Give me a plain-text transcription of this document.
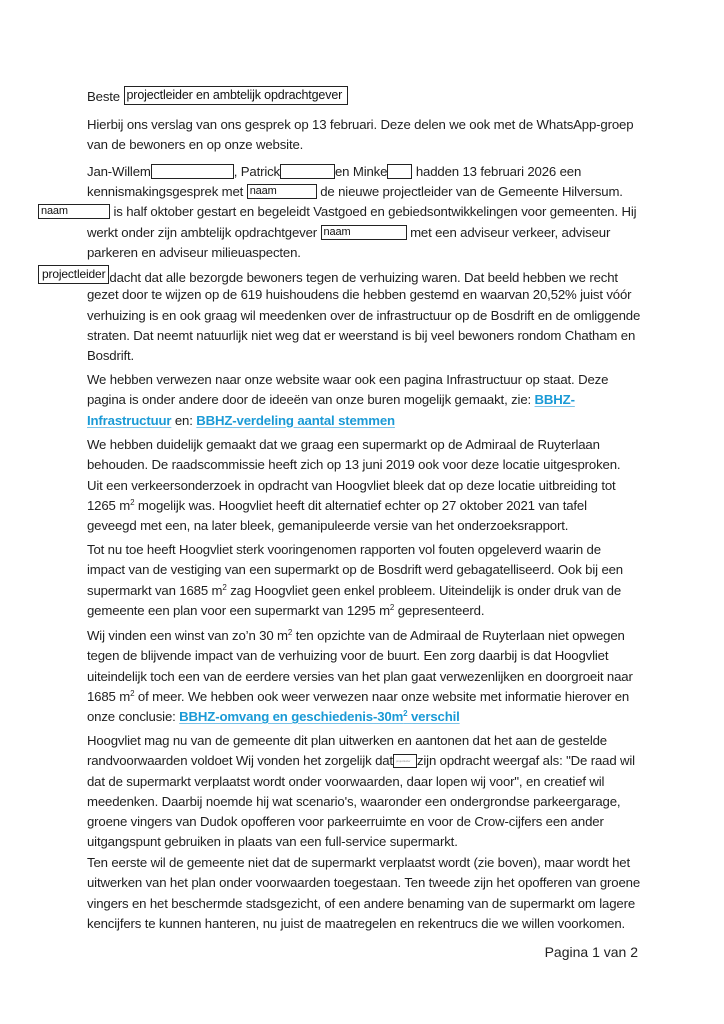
Beste projectleider en ambtelijk opdrachtgever
Hierbij ons verslag van ons gesprek op 13 februari. Deze delen we ook met de WhatsApp-groep
van de bewoners en op onze website.
Jan-Willem	, Patrick	en Minke hadden 13 februari 2026 een
kennismakingsgesprek met naam	de nieuwe projectleider van de Gemeente Hilversum.

werkt onder zijn ambtelijk opdrachtgever naam	met een adviseur verkeer, adviseur
parkeren en adviseur milieuaspecten.
naam	is half oktober gestart en begeleidt Vastgoed en gebiedsontwikkelingen voor gemeenten. Hij

gezet door te wijzen op de 619 huishoudens die hebben gestemd en waarvan 20,52% juist vóór
verhuizing is en ook graag wil meedenken over de infrastructuur op de Bosdrift en de omliggende
straten. Dat neemt natuurlijk niet weg dat er weerstand is bij veel bewoners rondom Chatham en
Bosdrift.
projectleider dacht dat alle bezorgde bewoners tegen de verhuizing waren. Dat beeld hebben we recht
We hebben verwezen naar onze website waar ook een pagina Infrastructuur op staat. Deze
pagina is onder andere door de ideeën van onze buren mogelijk gemaakt, zie: BBHZ-
Infrastructuur en: BBHZ-verdeling aantal stemmen
We hebben duidelijk gemaakt dat we graag een supermarkt op de Admiraal de Ruyterlaan
behouden. De raadscommissie heeft zich op 13 juni 2019 ook voor deze locatie uitgesproken.
Uit een verkeersonderzoek in opdracht van Hoogvliet bleek dat op deze locatie uitbreiding tot
1265 $m^2$ mogelijk was. Hoogvliet heeft dit alternatief echter op 27 oktober 2021 van tafel
geveegd met een, na later bleek, gemanipuleerde versie van het onderzoeksrapport.
Tot nu toe heeft Hoogvliet sterk vooringenomen rapporten vol fouten opgeleverd waarin de
impact van de vestiging van een supermarkt op de Bosdrift werd gebagatelliseerd. Ook bij een
supermarkt van 1685 $m^2$ zag Hoogvliet geen enkel probleem. Uiteindelijk is onder druk van de
gemeente een plan voor een supermarkt van 1295 $m^2$ gepresenteerd.
Wij vinden een winst van zo’n 30 $m^2$ ten opzichte van de Admiraal de Ruyterlaan niet opwegen
tegen de blijvende impact van de verhuizing voor de buurt. Een zorg daarbij is dat Hoogvliet
uiteindelijk toch een van de eerdere versies van het plan gaat verwezenlijken en doorgroeit naar
1685 $m^2$ of meer. We hebben ook weer verwezen naar onze website met informatie hierover en
onze conclusie: BBHZ-omvang en geschiedenis-$30m^2$ verschil
Hoogvliet mag nu van de gemeente dit plan uitwerken en aantonen dat het aan de gestelde
randvoorwaarden voldoet Wij vonden het zorgelijk dat projectleider zijn opdracht weergaf als: "De raad wil
dat de supermarkt verplaatst wordt onder voorwaarden, daar lopen wij voor", en creatief wil
meedenken. Daarbij noemde hij wat scenario's, waaronder een ondergrondse parkeergarage,
groene vingers van Dudok opofferen voor parkeerruimte en voor de Crow-cijfers een ander
uitgangspunt gebruiken in plaats van een full-service supermarkt.
Ten eerste wil de gemeente niet dat de supermarkt verplaatst wordt (zie boven), maar wordt het
uitwerken van het plan onder voorwaarden toegestaan. Ten tweede zijn het opofferen van groene
vingers en het beschermde stadsgezicht, of een andere benaming van de supermarkt om lagere
kencijfers te kunnen hanteren, nu juist de maatregelen en rekentrucs die we willen voorkomen.
Pagina 1 van 2
